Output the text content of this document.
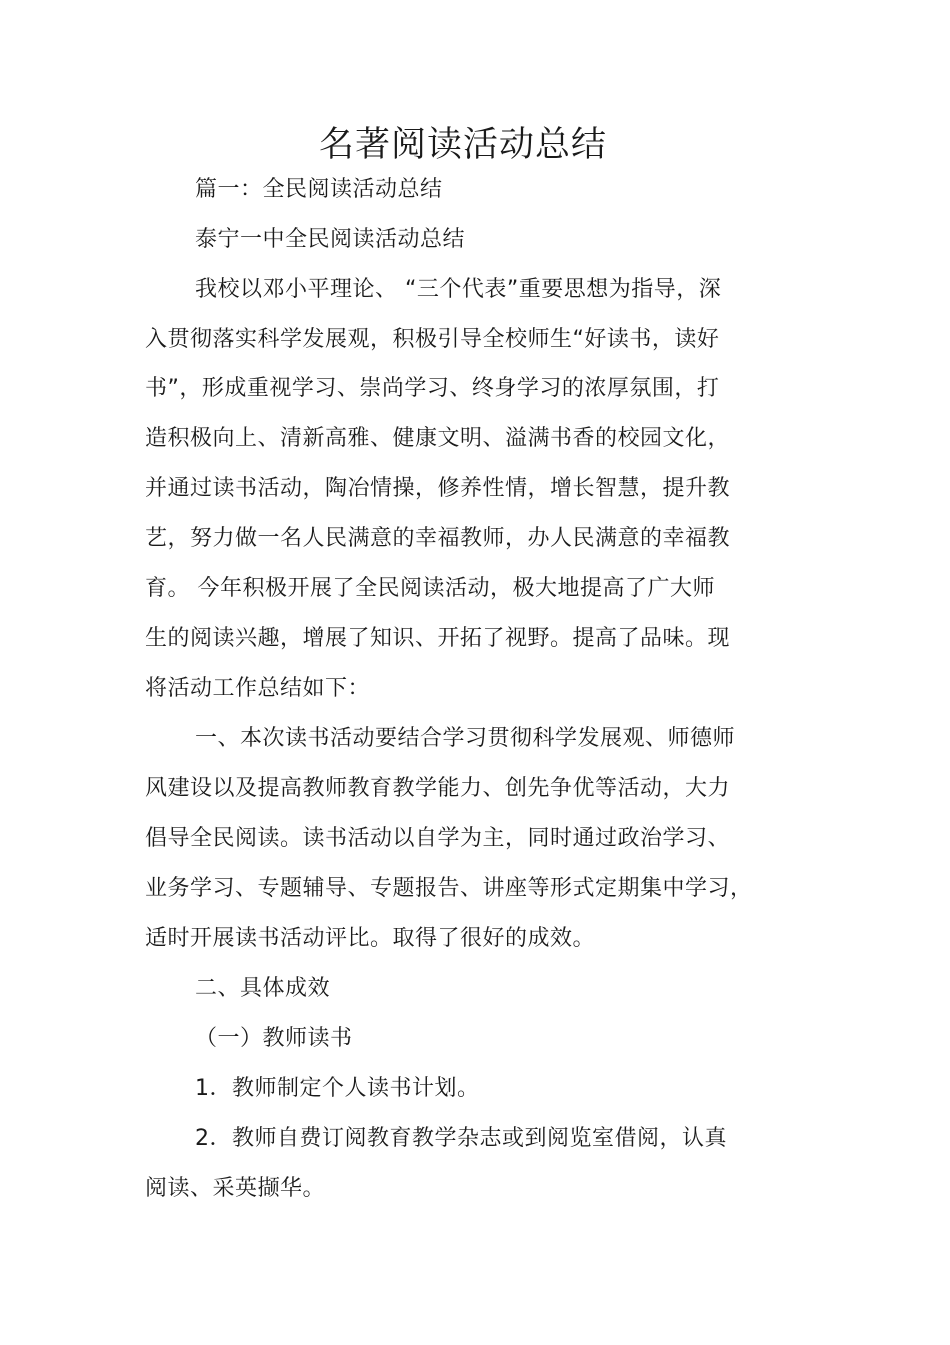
名著阅读活动总结
篇一：全民阅读活动总结
泰宁一中全民阅读活动总结
我校以邓小平理论、 “三个代表”重要思想为指导，深
入贯彻落实科学发展观，积极引导全校师生“好读书，读好
书”，形成重视学习、崇尚学习、终身学习的浓厚氛围，打
造积极向上、清新高雅、健康文明、溢满书香的校园文化，
并通过读书活动，陶冶情操，修养性情，增长智慧，提升教
艺，努力做一名人民满意的幸福教师，办人民满意的幸福教
育。 今年积极开展了全民阅读活动，极大地提高了广大师
生的阅读兴趣，增展了知识、开拓了视野。提高了品味。现
将活动工作总结如下：
一、本次读书活动要结合学习贯彻科学发展观、师德师
风建设以及提高教师教育教学能力、创先争优等活动，大力
倡导全民阅读。读书活动以自学为主，同时通过政治学习、
业务学习、专题辅导、专题报告、讲座等形式定期集中学习，
适时开展读书活动评比。取得了很好的成效。
二、具体成效
（一）教师读书
1．教师制定个人读书计划。
2．教师自费订阅教育教学杂志或到阅览室借阅，认真
阅读、采英撷华。
